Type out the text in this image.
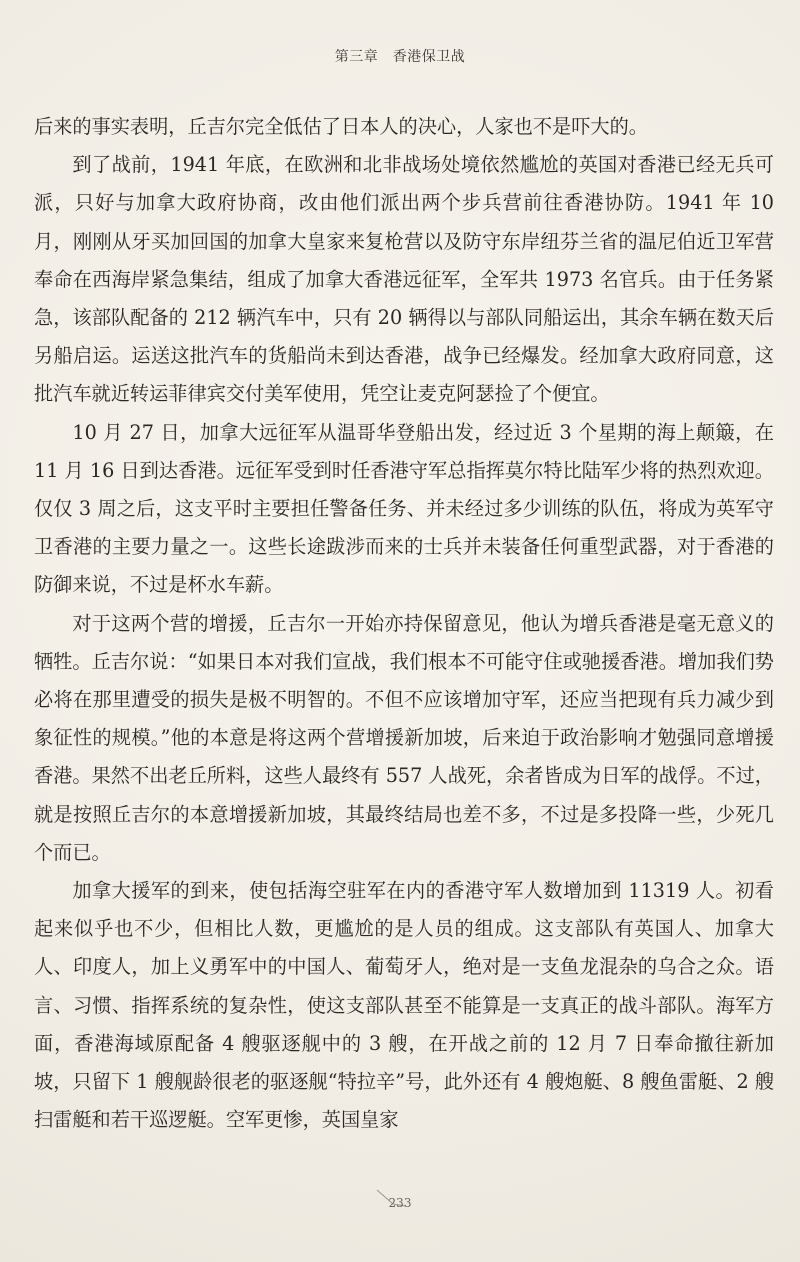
第三章　香港保卫战

后来的事实表明，丘吉尔完全低估了日本人的决心，人家也不是吓大的。

到了战前，1941 年底，在欧洲和北非战场处境依然尴尬的英国对香港已经无兵可派，只好与加拿大政府协商，改由他们派出两个步兵营前往香港协防。1941 年 10 月，刚刚从牙买加回国的加拿大皇家来复枪营以及防守东岸纽芬兰省的温尼伯近卫军营奉命在西海岸紧急集结，组成了加拿大香港远征军，全军共 1973 名官兵。由于任务紧急，该部队配备的 212 辆汽车中，只有 20 辆得以与部队同船运出，其余车辆在数天后另船启运。运送这批汽车的货船尚未到达香港，战争已经爆发。经加拿大政府同意，这批汽车就近转运菲律宾交付美军使用，凭空让麦克阿瑟捡了个便宜。

10 月 27 日，加拿大远征军从温哥华登船出发，经过近 3 个星期的海上颠簸，在 11 月 16 日到达香港。远征军受到时任香港守军总指挥莫尔特比陆军少将的热烈欢迎。仅仅 3 周之后，这支平时主要担任警备任务、并未经过多少训练的队伍，将成为英军守卫香港的主要力量之一。这些长途跋涉而来的士兵并未装备任何重型武器，对于香港的防御来说，不过是杯水车薪。

对于这两个营的增援，丘吉尔一开始亦持保留意见，他认为增兵香港是毫无意义的牺牲。丘吉尔说：“如果日本对我们宣战，我们根本不可能守住或驰援香港。增加我们势必将在那里遭受的损失是极不明智的。不但不应该增加守军，还应当把现有兵力减少到象征性的规模。”他的本意是将这两个营增援新加坡，后来迫于政治影响才勉强同意增援香港。果然不出老丘所料，这些人最终有 557 人战死，余者皆成为日军的战俘。不过，就是按照丘吉尔的本意增援新加坡，其最终结局也差不多，不过是多投降一些，少死几个而已。

加拿大援军的到来，使包括海空驻军在内的香港守军人数增加到 11319 人。初看起来似乎也不少，但相比人数，更尴尬的是人员的组成。这支部队有英国人、加拿大人、印度人，加上义勇军中的中国人、葡萄牙人，绝对是一支鱼龙混杂的乌合之众。语言、习惯、指挥系统的复杂性，使这支部队甚至不能算是一支真正的战斗部队。海军方面，香港海域原配备 4 艘驱逐舰中的 3 艘，在开战之前的 12 月 7 日奉命撤往新加坡，只留下 1 艘舰龄很老的驱逐舰“特拉辛”号，此外还有 4 艘炮艇、8 艘鱼雷艇、2 艘扫雷艇和若干巡逻艇。空军更惨，英国皇家

233
